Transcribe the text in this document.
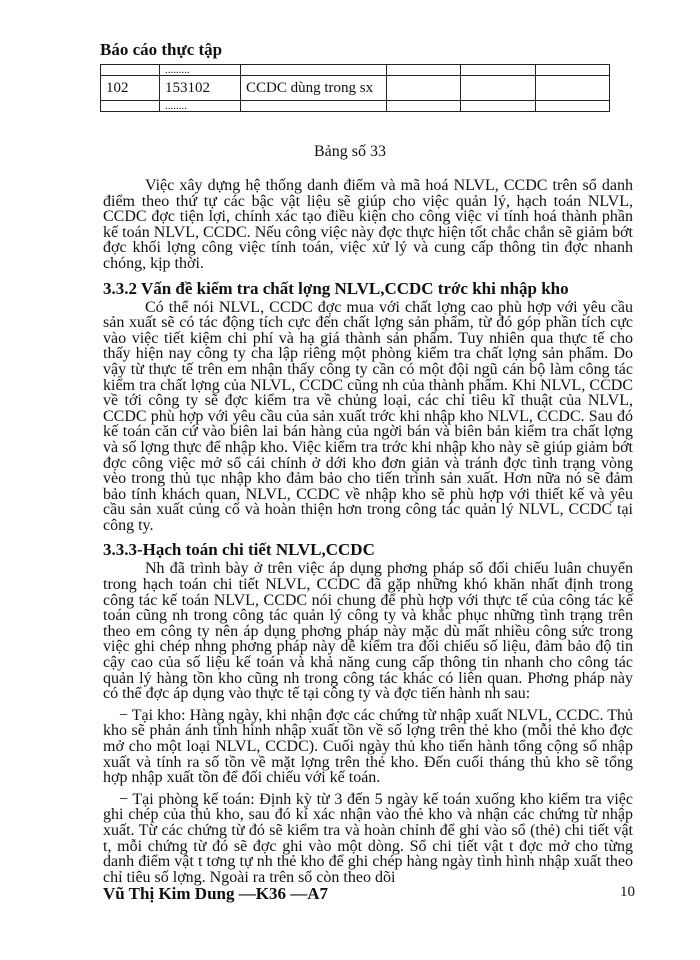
Báo cáo thực tập
	.........				
102	153102	CCDC dùng trong sx			
	........				
Bảng số 33

Việc xây dựng hệ thống danh điểm và mã hoá NLVL, CCDC trên sổ danh điểm theo thứ tự các bậc vật liệu sẽ giúp cho việc quản lý, hạch toán NLVL, CCDC đợc tiện lợi, chính xác tạo điều kiện cho công việc vi tính hoá thành phần kế toán NLVL, CCDC. Nếu công việc này đợc thực hiện tốt chắc chắn sẽ giảm bớt đợc khối lợng công việc tính toán, việc xử lý và cung cấp thông tin đợc nhanh chóng, kịp thời.

3.3.2 Vấn đề kiểm tra chất lợng NLVL,CCDC trớc khi nhập kho

Có thể nói NLVL, CCDC đợc mua với chất lợng cao phù hợp với yêu cầu sản xuất sẽ có tác động tích cực đến chất lợng sản phẩm, từ đó góp phần tích cực vào việc tiết kiệm chi phí và hạ giá thành sản phẩm. Tuy nhiên qua thực tế cho thấy hiện nay công ty cha lập riêng một phòng kiểm tra chất lợng sản phẩm. Do vậy từ thực tế trên em nhận thấy công ty cần có một đội ngũ cán bộ làm công tác kiểm tra chất lợng của NLVL, CCDC cũng nh của thành phẩm. Khi NLVL, CCDC về tới công ty sẽ đợc kiểm tra về chủng loại, các chỉ tiêu kĩ thuật của NLVL, CCDC phù hợp với yêu cầu của sản xuất trớc khi nhập kho NLVL, CCDC. Sau đó kế toán căn cứ vào biên lai bán hàng của ngời bán và biên bản kiểm tra chất lợng và số lợng thực để nhập kho. Việc kiểm tra trớc khi nhập kho này sẽ giúp giảm bớt đợc công việc mở sổ cái chính ở dới kho đơn giản và tránh đợc tình trạng vòng vèo trong thủ tục nhập kho đảm bảo cho tiến trình sản xuất. Hơn nữa nó sẽ đảm bảo tính khách quan, NLVL, CCDC về nhập kho sẽ phù hợp với thiết kế và yêu cầu sản xuất củng cố và hoàn thiện hơn trong công tác quản lý NLVL, CCDC tại công ty.

3.3.3-Hạch toán chi tiết NLVL,CCDC

Nh đã trình bày ở trên việc áp dụng phơng pháp sổ đối chiếu luân chuyển trong hạch toán chi tiết NLVL, CCDC đã gặp những khó khăn nhất định trong công tác kế toán NLVL, CCDC nói chung để phù hợp với thực tế của công tác kế toán cũng nh trong công tác quản lý công ty và khắc phục những tình trạng trên theo em công ty nên áp dụng phơng pháp này mặc dù mất nhiều công sức trong việc ghi chép nhng phơng pháp này dễ kiểm tra đối chiếu số liệu, đảm bảo độ tin cậy cao của số liệu kế toán và khả năng cung cấp thông tin nhanh cho công tác quản lý hàng tồn kho cũng nh trong công tác khác có liên quan. Phơng pháp này có thể đợc áp dụng vào thực tế tại công ty và đợc tiến hành nh sau:

− Tại kho: Hàng ngày, khi nhận đợc các chứng từ nhập xuất NLVL, CCDC. Thủ kho sẽ phản ánh tình hình nhập xuất tồn về số lợng trên thẻ kho (mỗi thẻ kho đợc mở cho một loại NLVL, CCDC). Cuối ngày thủ kho tiến hành tổng cộng số nhập xuất và tính ra số tồn về mặt lợng trên thẻ kho. Đến cuối tháng thủ kho sẽ tổng hợp nhập xuất tồn để đối chiếu với kế toán.

− Tại phòng kế toán: Định kỳ từ 3 đến 5 ngày kế toán xuống kho kiểm tra việc ghi chép của thủ kho, sau đó kí xác nhận vào thẻ kho và nhận các chứng từ nhập xuất. Từ các chứng từ đó sẽ kiểm tra và hoàn chỉnh để ghi vào sổ (thẻ) chi tiết vật t, mỗi chứng từ đó sẽ đợc ghi vào một dòng. Sổ chi tiết vật t đợc mở cho từng danh điểm vật t tơng tự nh thẻ kho để ghi chép hàng ngày tình hình nhập xuất theo chỉ tiêu số lợng. Ngoài ra trên sổ còn theo dõi

Vũ Thị Kim Dung —K36 —A7	10
